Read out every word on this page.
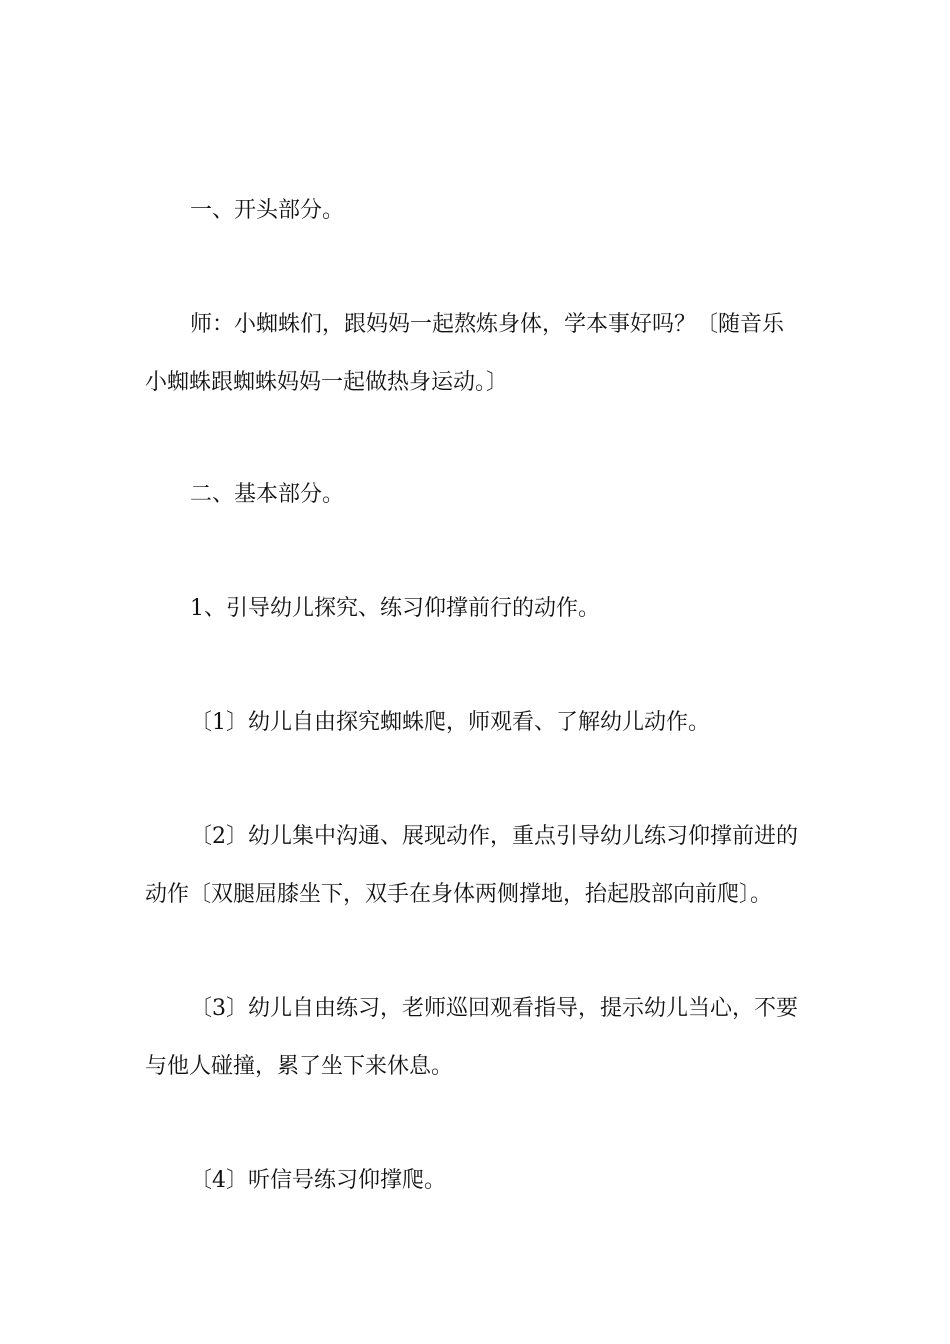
一、开头部分。

师：小蜘蛛们，跟妈妈一起熬炼身体，学本事好吗？〔随音乐
小蜘蛛跟蜘蛛妈妈一起做热身运动。〕

二、基本部分。

1、引导幼儿探究、练习仰撑前行的动作。

〔1〕幼儿自由探究蜘蛛爬，师观看、了解幼儿动作。

〔2〕幼儿集中沟通、展现动作，重点引导幼儿练习仰撑前进的
动作〔双腿屈膝坐下，双手在身体两侧撑地，抬起股部向前爬〕。

〔3〕幼儿自由练习，老师巡回观看指导，提示幼儿当心，不要
与他人碰撞，累了坐下来休息。

〔4〕听信号练习仰撑爬。
